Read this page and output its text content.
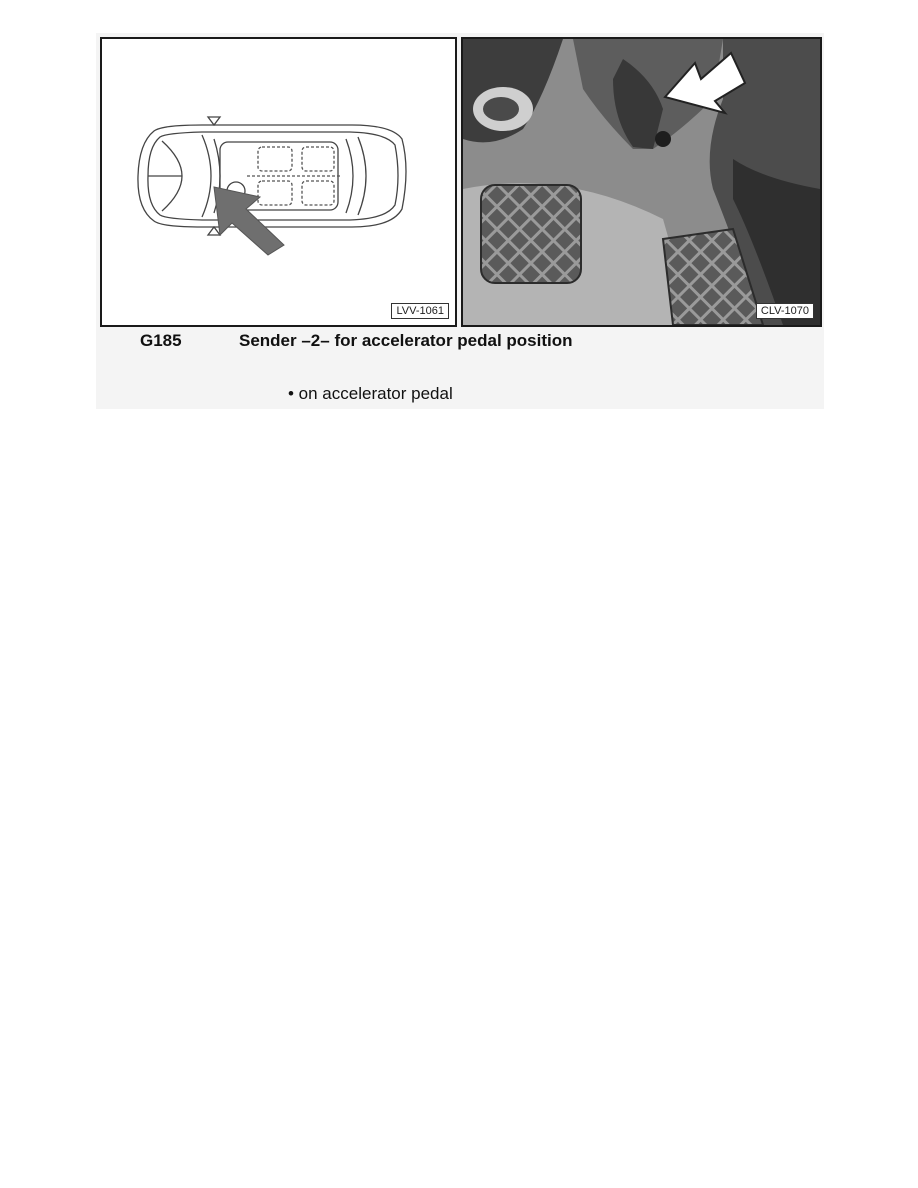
LVV-1061	CLV-1070
G185	Sender –2– for accelerator pedal position
• on accelerator pedal
